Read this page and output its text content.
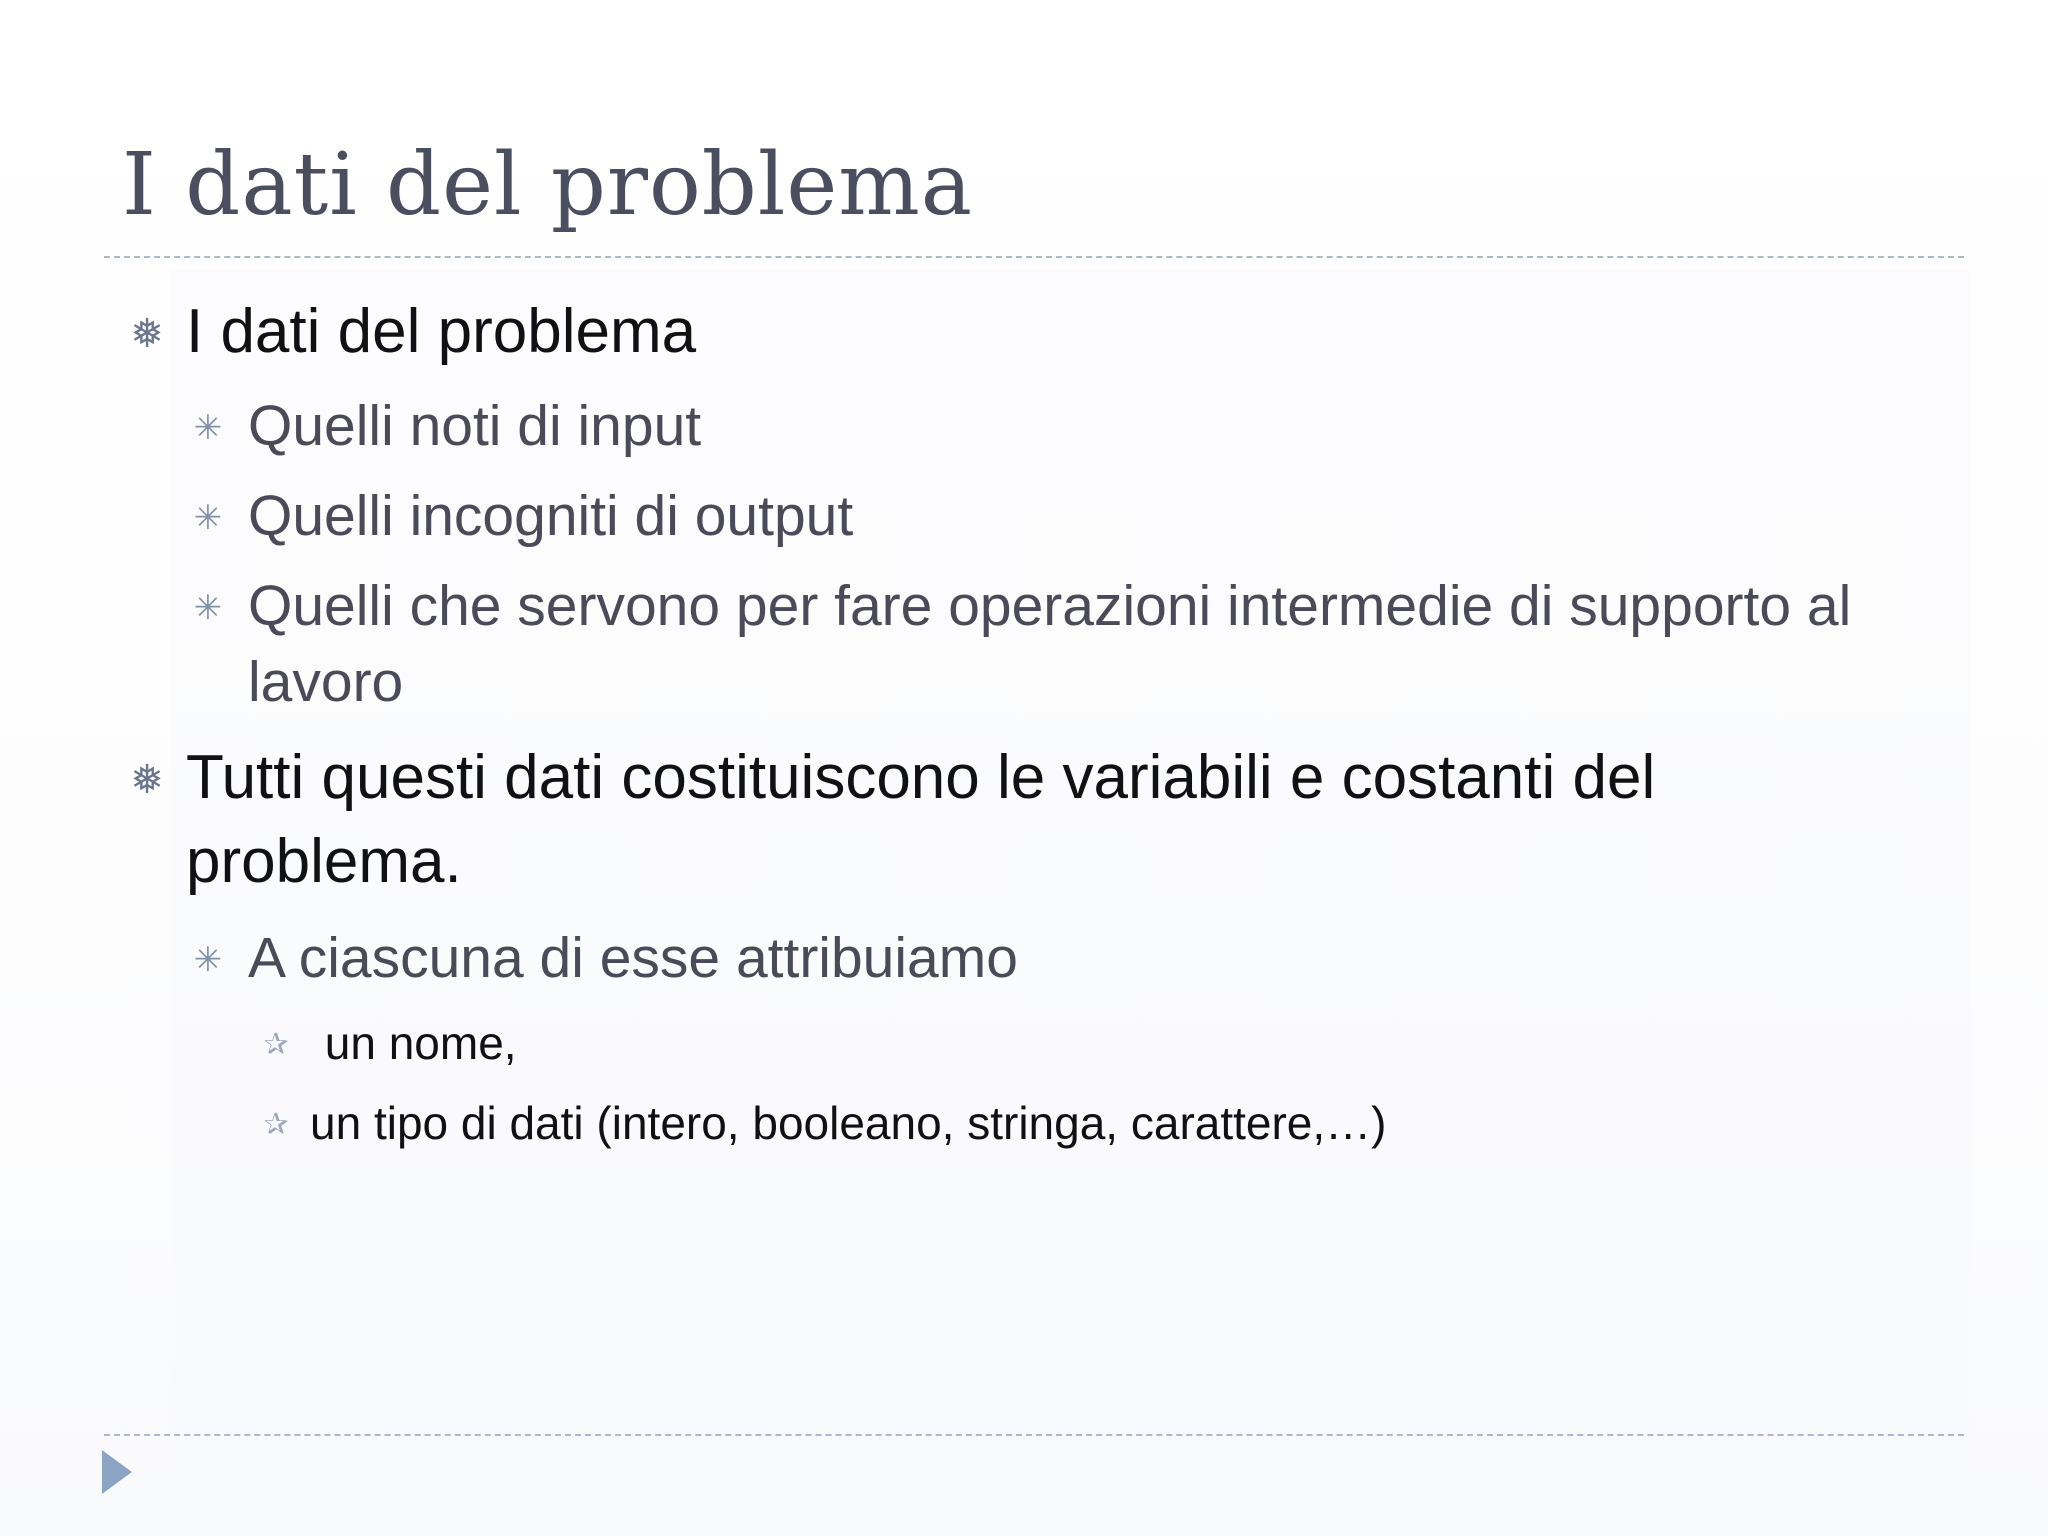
I dati del problema
❅ I dati del problema
✳ Quelli noti di input
✳ Quelli incogniti di output
✳ Quelli che servono per fare operazioni intermedie di supporto al lavoro
❅ Tutti questi dati costituiscono le variabili e costanti del problema.
✳ A ciascuna di esse attribuiamo
✰ un nome,
✰ un tipo di dati (intero, booleano, stringa, carattere,…)
